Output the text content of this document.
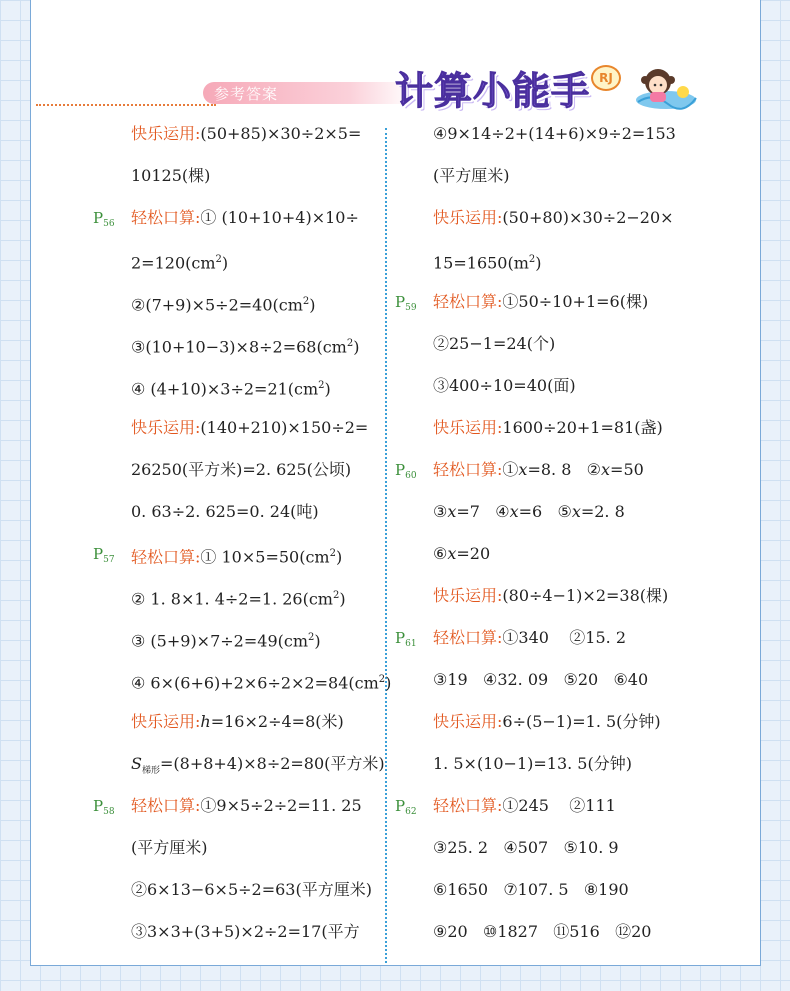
参考答案	计算小能手 RJ
快乐运用:(50+85)×30÷2×5=
10125(棵)
$P_{56}$ 轻松口算:① (10+10+4)×10÷
$2=120(cm^2)$
$②(7+9)\times 5\div 2=40(cm^2)$
$③(10+10-3)\times 8\div 2=68(cm^2)$
④ $(4+10)\times 3\div 2=21(cm^2)$
快乐运用:(140+210)×150÷2=
26250(平方米)=2. 625(公顷)
0. 63÷2. 625=0. 24(吨)
$P_{57}$ 轻松口算:① $10\times 5=50(cm^2)$
② 1. 8×1. 4÷2=1. $26(cm^2)$
③ $(5+9)\times 7\div 2=49(cm^2)$
④ $6\times(6+6)+2\times 6\div 2\times 2=84(cm^2)$
快乐运用:h=16×2÷4=8(米)
$S_{梯形}=(8+8+4)\times 8\div 2=80$(平方米)
$P_{58}$ 轻松口算:①9×5÷2÷2=11. 25
(平方厘米)
②6×13−6×5÷2=63(平方厘米)
③3×3+(3+5)×2÷2=17(平方
④9×14÷2+(14+6)×9÷2=153
(平方厘米)
快乐运用:(50+80)×30÷2−20×
$15=1650(m^2)$
$P_{59}$ 轻松口算:①50÷10+1=6(棵)
②25−1=24(个)
③400÷10=40(面)
快乐运用:1600÷20+1=81(盏)
$P_{60}$ 轻松口算:①x=8. 8 ②x=50
③x=7 ④x=6 ⑤x=2. 8
⑥x=20
快乐运用:(80÷4−1)×2=38(棵)
$P_{61}$ 轻松口算:①340 ②15. 2
③19 ④32. 09 ⑤20 ⑥40
快乐运用:6÷(5−1)=1. 5(分钟)
1. 5×(10−1)=13. 5(分钟)
$P_{62}$ 轻松口算:①245 ②111
③25. 2 ④507 ⑤10. 9
⑥1650 ⑦107. 5 ⑧190
⑨20 ⑩1827 ⑪516 ⑫20
